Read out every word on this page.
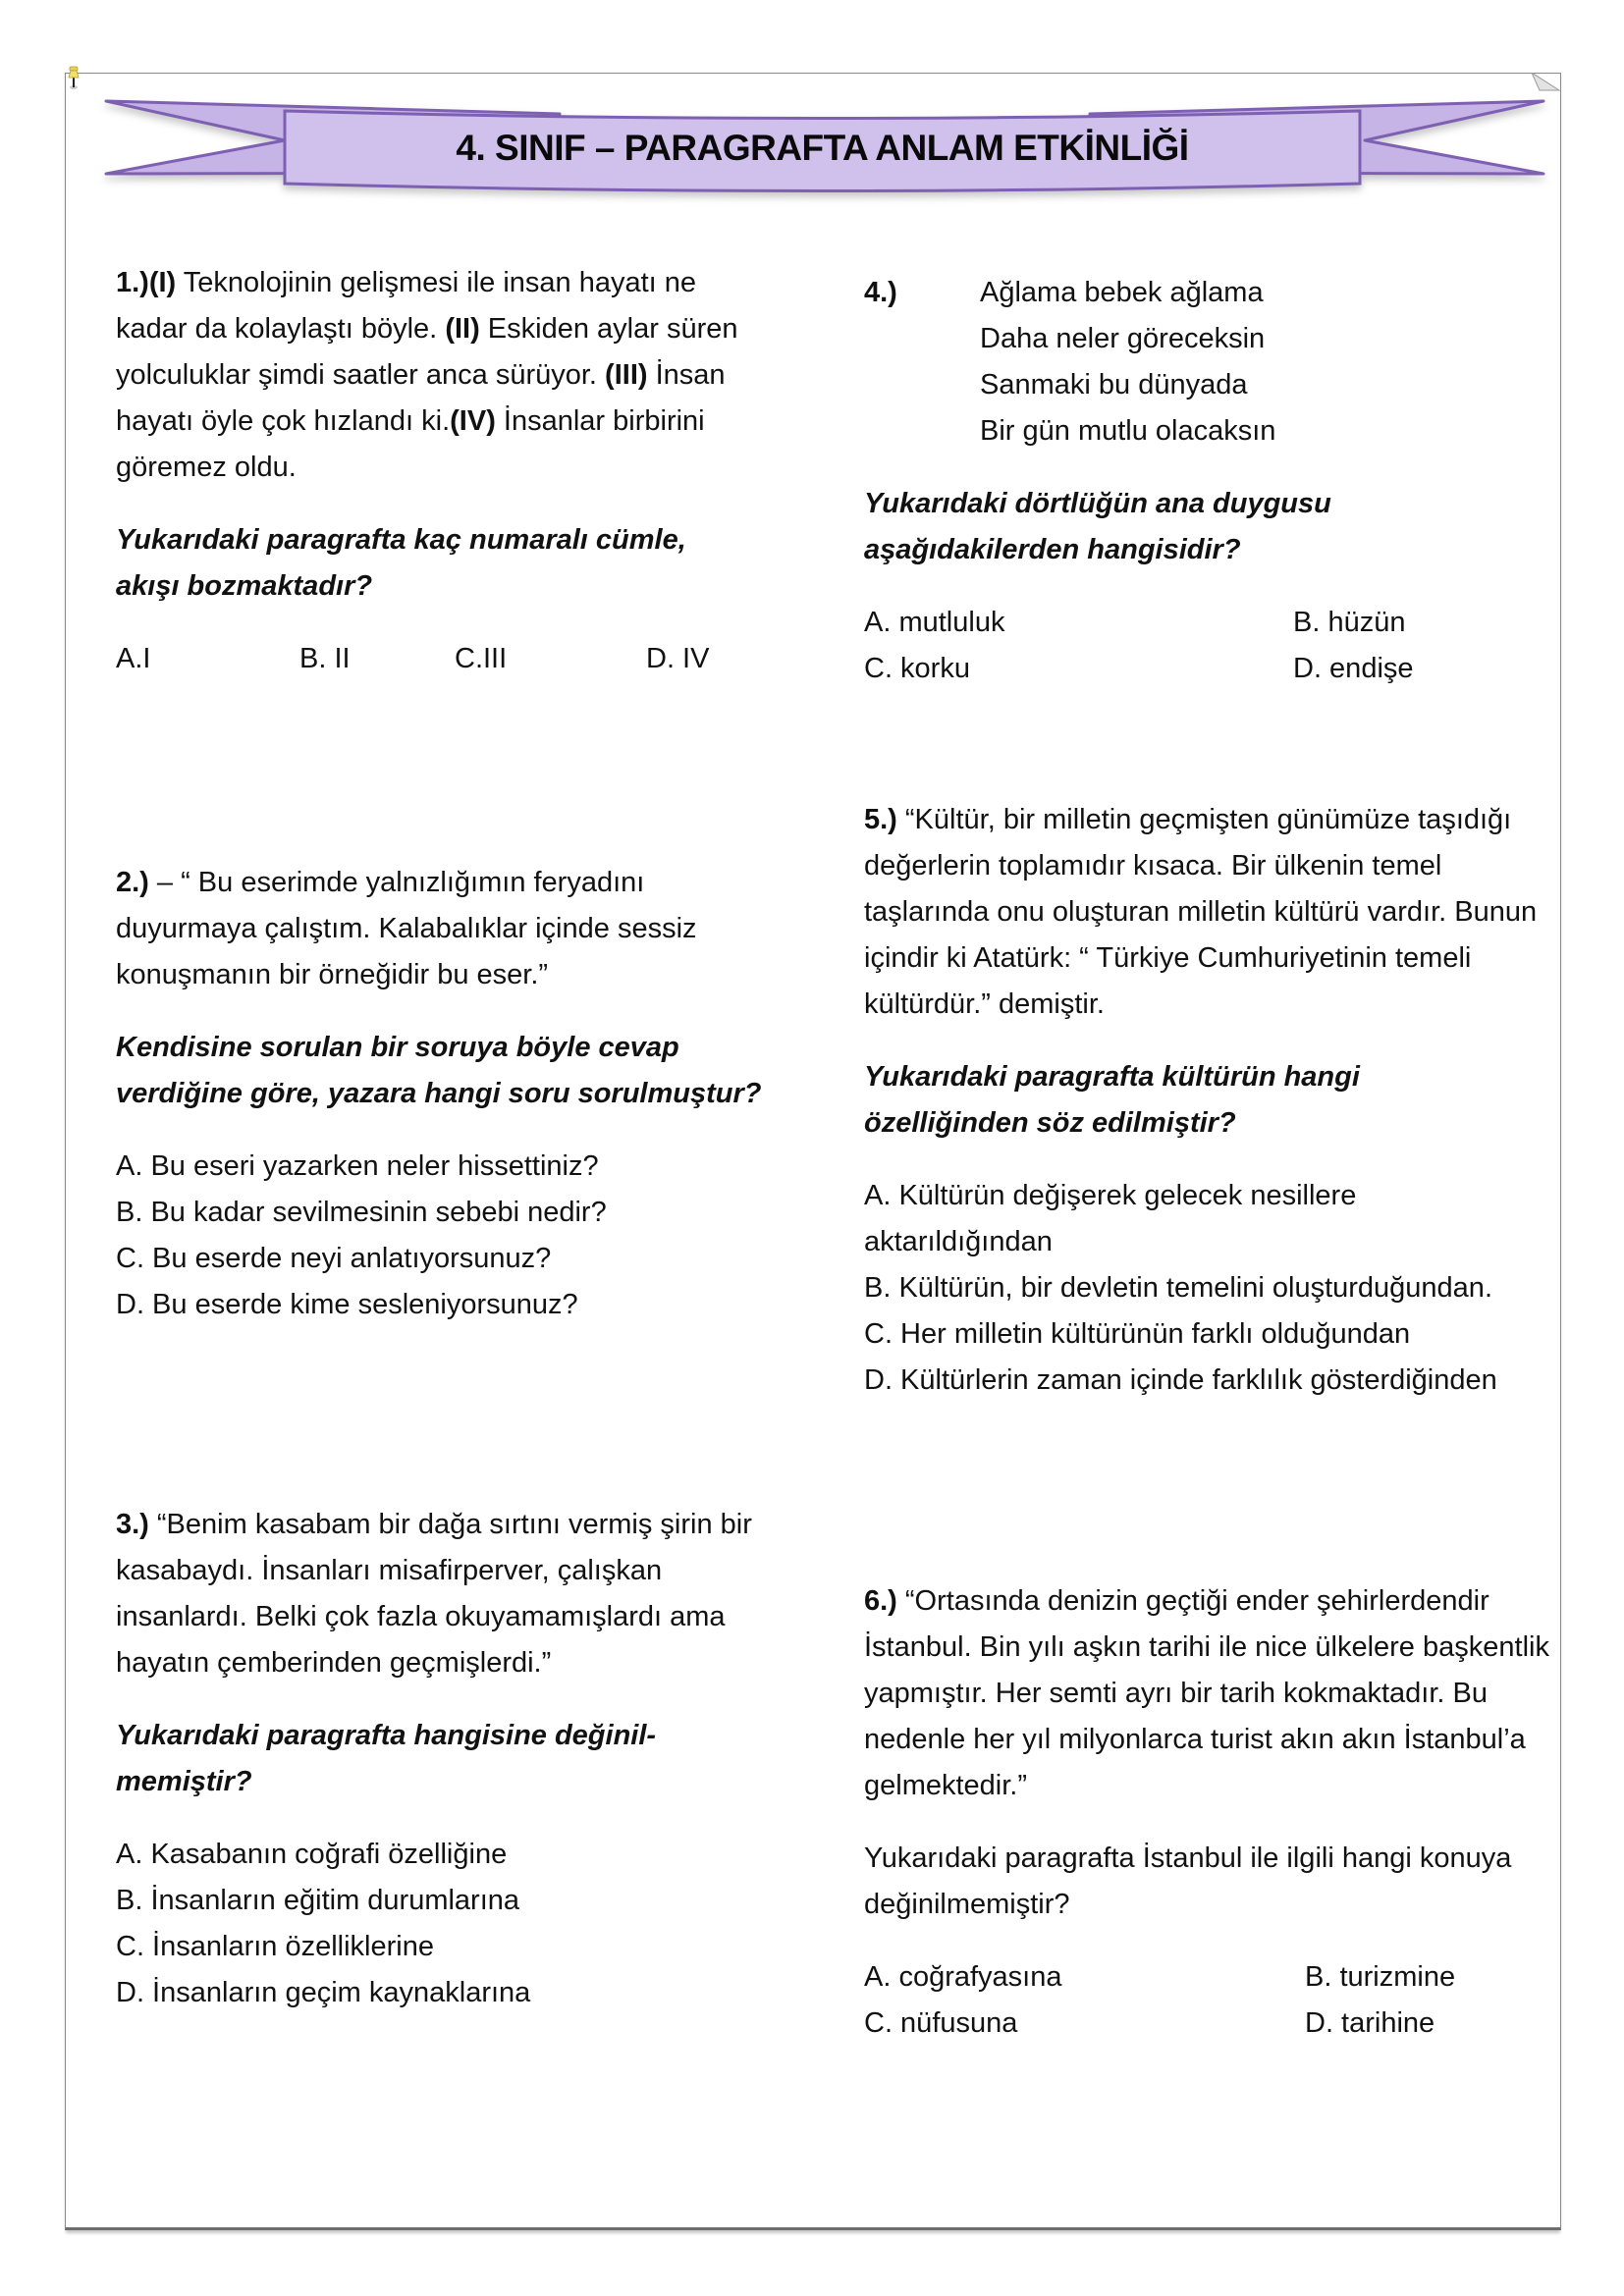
4. SINIF – PARAGRAFTA ANLAM ETKİNLİĞİ

1.)(I) Teknolojinin gelişmesi ile insan hayatı ne kadar da kolaylaştı böyle. (II) Eskiden aylar süren yolculuklar şimdi saatler anca sürüyor. (III) İnsan hayatı öyle çok hızlandı ki.(IV) İnsanlar birbirini göremez oldu.

Yukarıdaki paragrafta kaç numaralı cümle, akışı bozmaktadır?

A.I	B. II	C.III	D. IV
4.)	Ağlama bebek ağlama

Daha neler göreceksin

Sanmaki bu dünyada

Bir gün mutlu olacaksın

Yukarıdaki dörtlüğün ana duygusu aşağıdakilerden hangisidir?

A. mutluluk	B. hüzün
C. korku	D. endişe

2.) – “ Bu eserimde yalnızlığımın feryadını duyurmaya çalıştım. Kalabalıklar içinde sessiz konuşmanın bir örneğidir bu eser.”

Kendisine sorulan bir soruya böyle cevap verdiğine göre, yazara hangi soru sorulmuştur?

A. Bu eseri yazarken neler hissettiniz?

B. Bu kadar sevilmesinin sebebi nedir?

C. Bu eserde neyi anlatıyorsunuz?

D. Bu eserde kime sesleniyorsunuz?

5.) “Kültür, bir milletin geçmişten günümüze taşıdığı değerlerin toplamıdır kısaca. Bir ülkenin temel taşlarında onu oluşturan milletin kültürü vardır. Bunun içindir ki Atatürk: “ Türkiye Cumhuriyetinin temeli kültürdür.” demiştir.

Yukarıdaki paragrafta kültürün hangi özelliğinden söz edilmiştir?

A. Kültürün değişerek gelecek nesillere aktarıldığından

B. Kültürün, bir devletin temelini oluşturduğundan.

C. Her milletin kültürünün farklı olduğundan

D. Kültürlerin zaman içinde farklılık gösterdiğinden

3.) “Benim kasabam bir dağa sırtını vermiş şirin bir kasabaydı. İnsanları misafirperver, çalışkan insanlardı. Belki çok fazla okuyamamışlardı ama hayatın çemberinden geçmişlerdi.”

Yukarıdaki paragrafta hangisine değinil-
memiştir?

A. Kasabanın coğrafi özelliğine

B. İnsanların eğitim durumlarına

C. İnsanların özelliklerine

D. İnsanların geçim kaynaklarına

6.) “Ortasında denizin geçtiği ender şehirlerdendir İstanbul. Bin yılı aşkın tarihi ile nice ülkelere başkentlik yapmıştır. Her semti ayrı bir tarih kokmaktadır. Bu nedenle her yıl milyonlarca turist akın akın İstanbul’a gelmektedir.”

Yukarıdaki paragrafta İstanbul ile ilgili hangi konuya değinilmemiştir?

A. coğrafyasına	B. turizmine
C. nüfusuna	D. tarihine
